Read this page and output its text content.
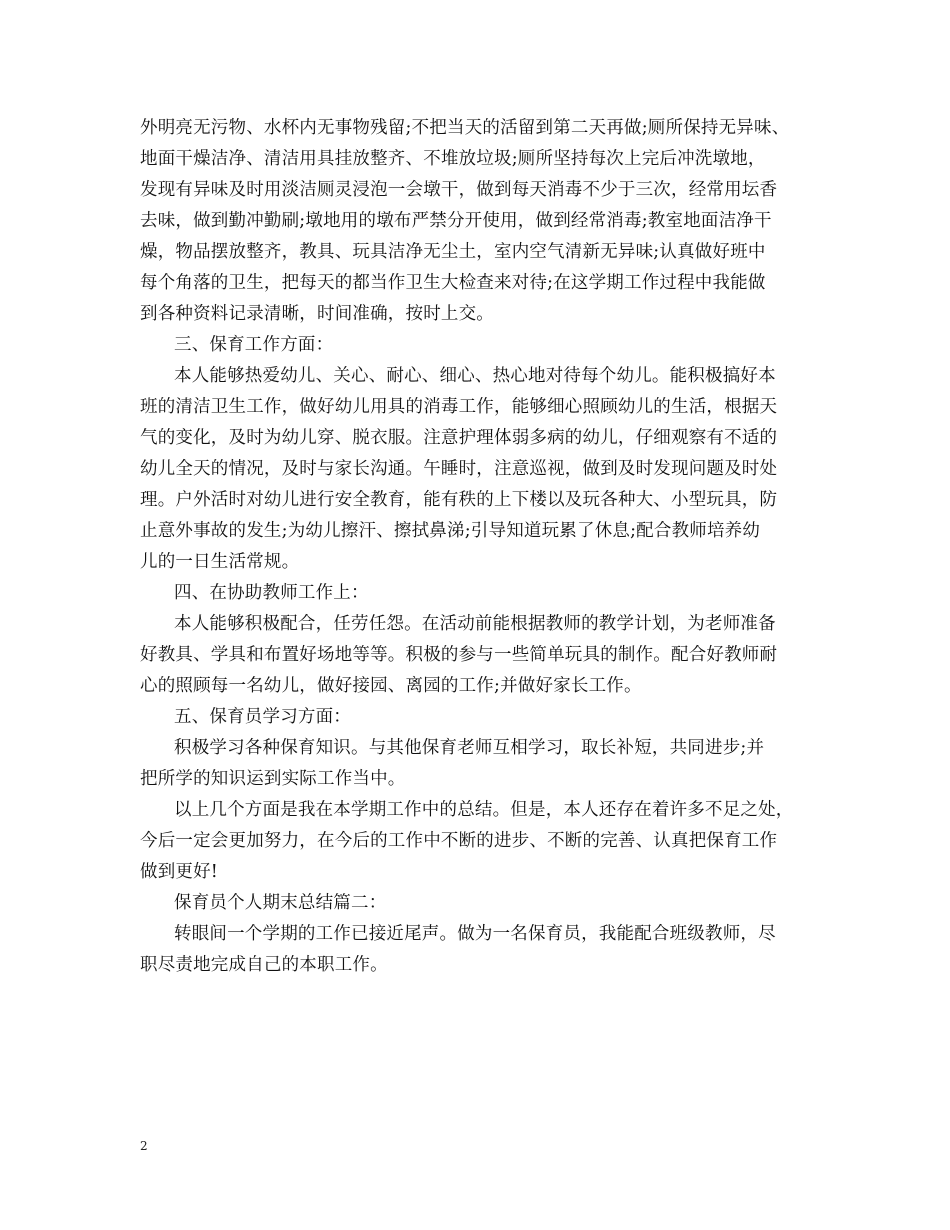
外明亮无污物、水杯内无事物残留;不把当天的活留到第二天再做;厕所保持无异味、
地面干燥洁净、清洁用具挂放整齐、不堆放垃圾;厕所坚持每次上完后冲洗墩地，
发现有异味及时用淡洁厕灵浸泡一会墩干，做到每天消毒不少于三次，经常用坛香
去味，做到勤冲勤刷;墩地用的墩布严禁分开使用，做到经常消毒;教室地面洁净干
燥，物品摆放整齐，教具、玩具洁净无尘土，室内空气清新无异味;认真做好班中
每个角落的卫生，把每天的都当作卫生大检查来对待;在这学期工作过程中我能做
到各种资料记录清晰，时间准确，按时上交。
三、保育工作方面：
本人能够热爱幼儿、关心、耐心、细心、热心地对待每个幼儿。能积极搞好本
班的清洁卫生工作，做好幼儿用具的消毒工作，能够细心照顾幼儿的生活，根据天
气的变化，及时为幼儿穿、脱衣服。注意护理体弱多病的幼儿，仔细观察有不适的
幼儿全天的情况，及时与家长沟通。午睡时，注意巡视，做到及时发现问题及时处
理。户外活时对幼儿进行安全教育，能有秩的上下楼以及玩各种大、小型玩具，防
止意外事故的发生;为幼儿擦汗、擦拭鼻涕;引导知道玩累了休息;配合教师培养幼
儿的一日生活常规。
四、在协助教师工作上：
本人能够积极配合，任劳任怨。在活动前能根据教师的教学计划，为老师准备
好教具、学具和布置好场地等等。积极的参与一些简单玩具的制作。配合好教师耐
心的照顾每一名幼儿，做好接园、离园的工作;并做好家长工作。
五、保育员学习方面：
积极学习各种保育知识。与其他保育老师互相学习，取长补短，共同进步;并
把所学的知识运到实际工作当中。
以上几个方面是我在本学期工作中的总结。但是，本人还存在着许多不足之处，
今后一定会更加努力，在今后的工作中不断的进步、不断的完善、认真把保育工作
做到更好!
保育员个人期末总结篇二：
转眼间一个学期的工作已接近尾声。做为一名保育员，我能配合班级教师，尽
职尽责地完成自己的本职工作。
2
